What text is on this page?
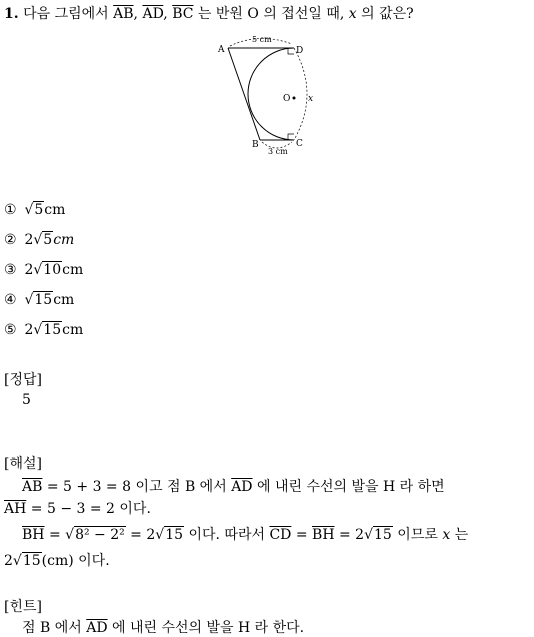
1. 다음 그림에서 $\overline{AB}$, $\overline{AD}$, $\overline{BC}$ 는 반원 O 의 접선일 때, x 의 값은?
A	D
B	C
O x
5 cm
3 cm
① √5cm
② 2√5cm
③ 2√10cm
④ √15cm
⑤ 2√15cm
[정답]
5
[해설]
$\overline{AB} = 5 + 3 = 8$ 이고 점 B 에서 $\overline{AD}$ 에 내린 수선의 발을 H 라 하면
$\overline{AH} = 5 - 3 = 2$ 이다.
$\overline{BH} = √8^2 - 2^2 = 2√15$ 이다. 따라서 $\overline{CD} = \overline{BH} = 2√15$ 이므로 x 는
2√15(cm) 이다.
[힌트]
점 B 에서 $\overline{AD}$ 에 내린 수선의 발을 H 라 한다.
